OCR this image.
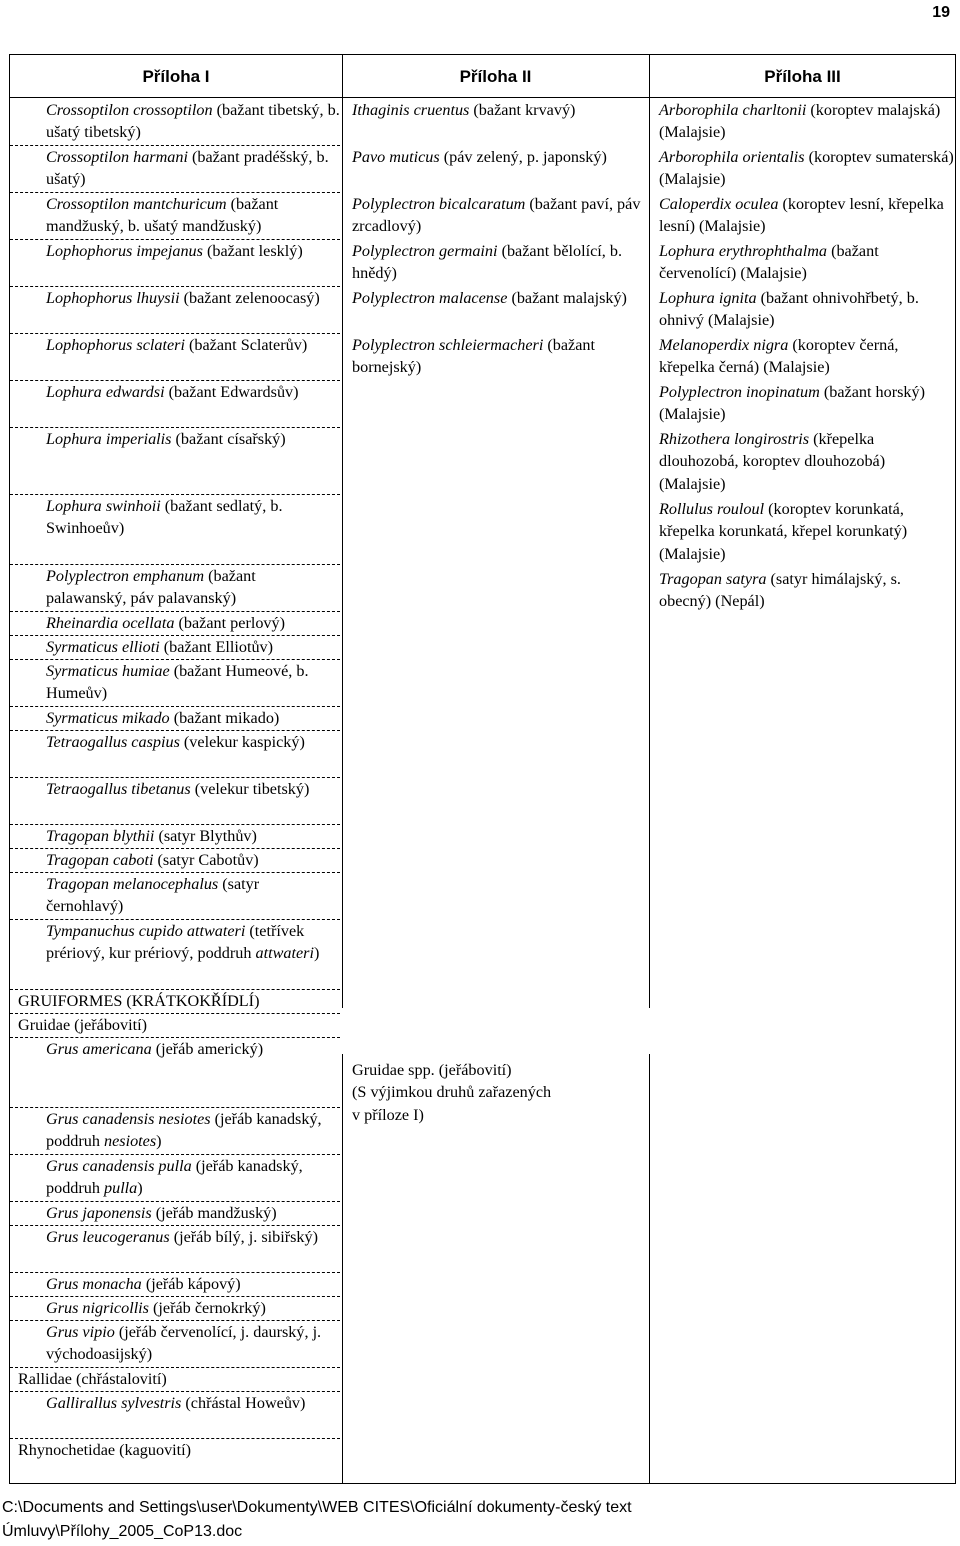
19
Příloha I	Příloha II	Příloha III
Crossoptilon crossoptilon (bažant tibetský, b. ušatý tibetský)
Crossoptilon harmani (bažant pradéšský, b. ušatý)
Crossoptilon mantchuricum (bažant mandžuský, b. ušatý mandžuský)
Lophophorus impejanus (bažant lesklý)
Lophophorus lhuysii (bažant zelenoocasý)
Lophophorus sclateri (bažant Sclaterův)
Lophura edwardsi (bažant Edwardsův)
Lophura imperialis (bažant císařský)
Lophura swinhoii (bažant sedlatý, b. Swinhoeův)
Polyplectron emphanum (bažant palawanský, páv palavanský)
Rheinardia ocellata (bažant perlový)
Syrmaticus ellioti (bažant Elliotův)
Syrmaticus humiae (bažant Humeové, b. Humeův)
Syrmaticus mikado (bažant mikado)
Tetraogallus caspius (velekur kaspický)
Tetraogallus tibetanus (velekur tibetský)
Tragopan blythii (satyr Blythův)
Tragopan caboti (satyr Cabotův)
Tragopan melanocephalus (satyr černohlavý)
Tympanuchus cupido attwateri (tetřívek prériový, kur prériový, poddruh attwateri)
GRUIFORMES (KRÁTKOKŘÍDLÍ)
Gruidae (jeřábovití)
Grus americana (jeřáb americký)
Grus canadensis nesiotes (jeřáb kanadský, poddruh nesiotes)
Grus canadensis pulla (jeřáb kanadský, poddruh pulla)
Grus japonensis (jeřáb mandžuský)
Grus leucogeranus (jeřáb bílý, j. sibiřský)
Grus monacha (jeřáb kápový)
Grus nigricollis (jeřáb černokrký)
Grus vipio (jeřáb červenolící, j. daurský, j. východoasijský)
Rallidae (chřástalovití)
Gallirallus sylvestris (chřástal Howeův)
Rhynochetidae (kaguovití)
Ithaginis cruentus (bažant krvavý)
Pavo muticus (páv zelený, p. japonský)
Polyplectron bicalcaratum (bažant paví, páv zrcadlový)
Polyplectron germaini (bažant bělolící, b. hnědý)
Polyplectron malacense (bažant malajský)
Polyplectron schleiermacheri (bažant bornejský)
Gruidae spp. (jeřábovití)
(S výjimkou druhů zařazených
v příloze I)
Arborophila charltonii (koroptev malajská) (Malajsie)
Arborophila orientalis (koroptev sumaterská) (Malajsie)
Caloperdix oculea (koroptev lesní, křepelka lesní) (Malajsie)
Lophura erythrophthalma (bažant červenolící) (Malajsie)
Lophura ignita (bažant ohnivohřbetý, b. ohnivý (Malajsie)
Melanoperdix nigra (koroptev černá, křepelka černá) (Malajsie)
Polyplectron inopinatum (bažant horský) (Malajsie)
Rhizothera longirostris (křepelka dlouhozobá, koroptev dlouhozobá) (Malajsie)
Rollulus rouloul (koroptev korunkatá, křepelka korunkatá, křepel korunkatý) (Malajsie)
Tragopan satyra (satyr himálajský, s. obecný) (Nepál)
C:\Documents and Settings\user\Dokumenty\WEB CITES\Oficiální dokumenty-český text
Úmluvy\Přílohy_2005_CoP13.doc
